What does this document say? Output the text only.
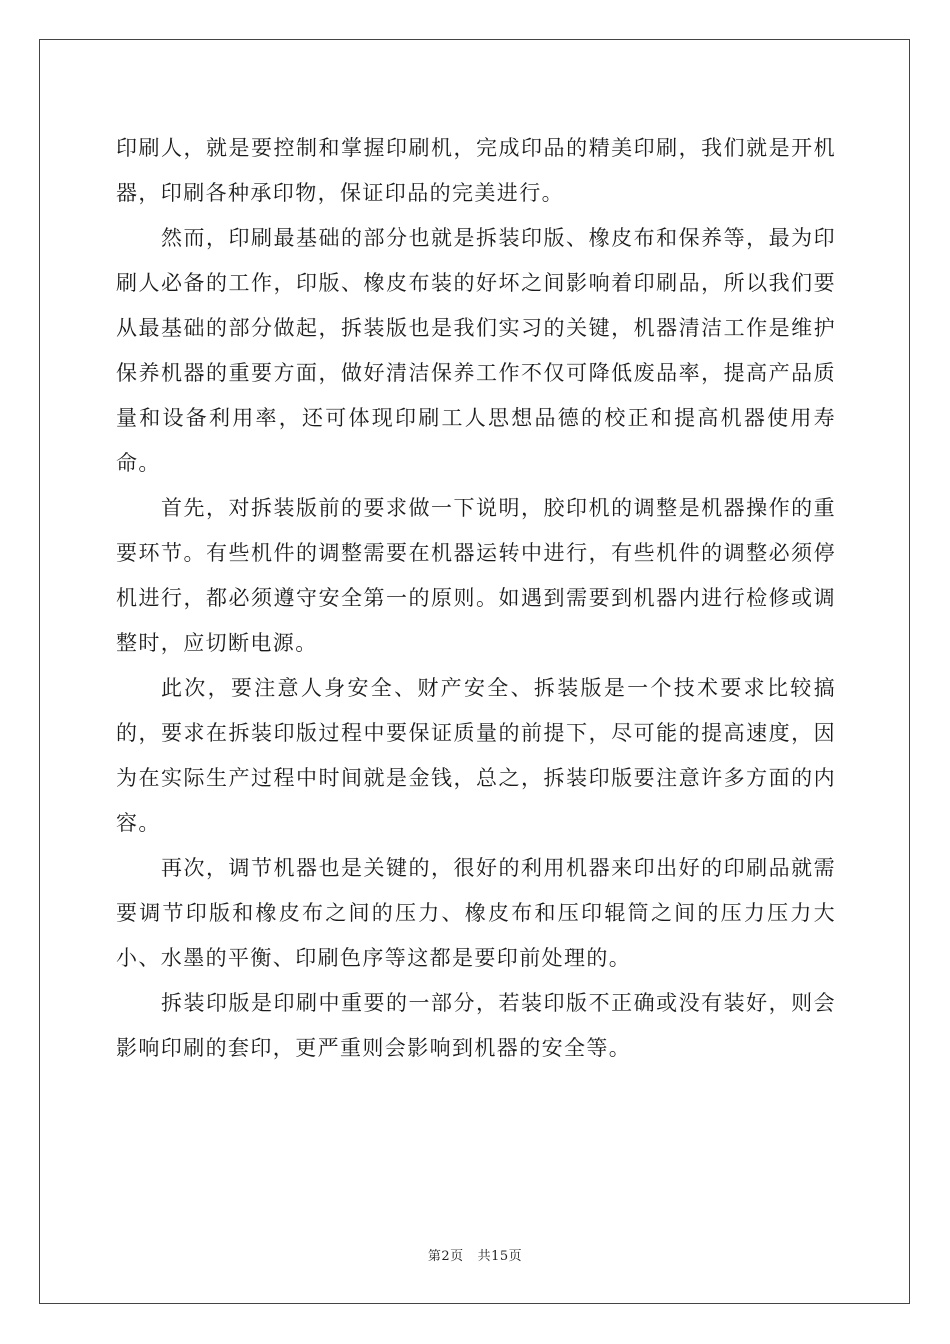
印刷人，就是要控制和掌握印刷机，完成印品的精美印刷，我们就是开机器，印刷各种承印物，保证印品的完美进行。

然而，印刷最基础的部分也就是拆装印版、橡皮布和保养等，最为印刷人必备的工作，印版、橡皮布装的好坏之间影响着印刷品，所以我们要从最基础的部分做起，拆装版也是我们实习的关键，机器清洁工作是维护保养机器的重要方面，做好清洁保养工作不仅可降低废品率，提高产品质量和设备利用率，还可体现印刷工人思想品德的校正和提高机器使用寿命。

首先，对拆装版前的要求做一下说明，胶印机的调整是机器操作的重要环节。有些机件的调整需要在机器运转中进行，有些机件的调整必须停机进行，都必须遵守安全第一的原则。如遇到需要到机器内进行检修或调整时，应切断电源。

此次，要注意人身安全、财产安全、拆装版是一个技术要求比较搞的，要求在拆装印版过程中要保证质量的前提下，尽可能的提高速度，因为在实际生产过程中时间就是金钱，总之，拆装印版要注意许多方面的内容。

再次，调节机器也是关键的，很好的利用机器来印出好的印刷品就需要调节印版和橡皮布之间的压力、橡皮布和压印辊筒之间的压力压力大小、水墨的平衡、印刷色序等这都是要印前处理的。

拆装印版是印刷中重要的一部分，若装印版不正确或没有装好，则会影响印刷的套印，更严重则会影响到机器的安全等。

第2页 共15页
